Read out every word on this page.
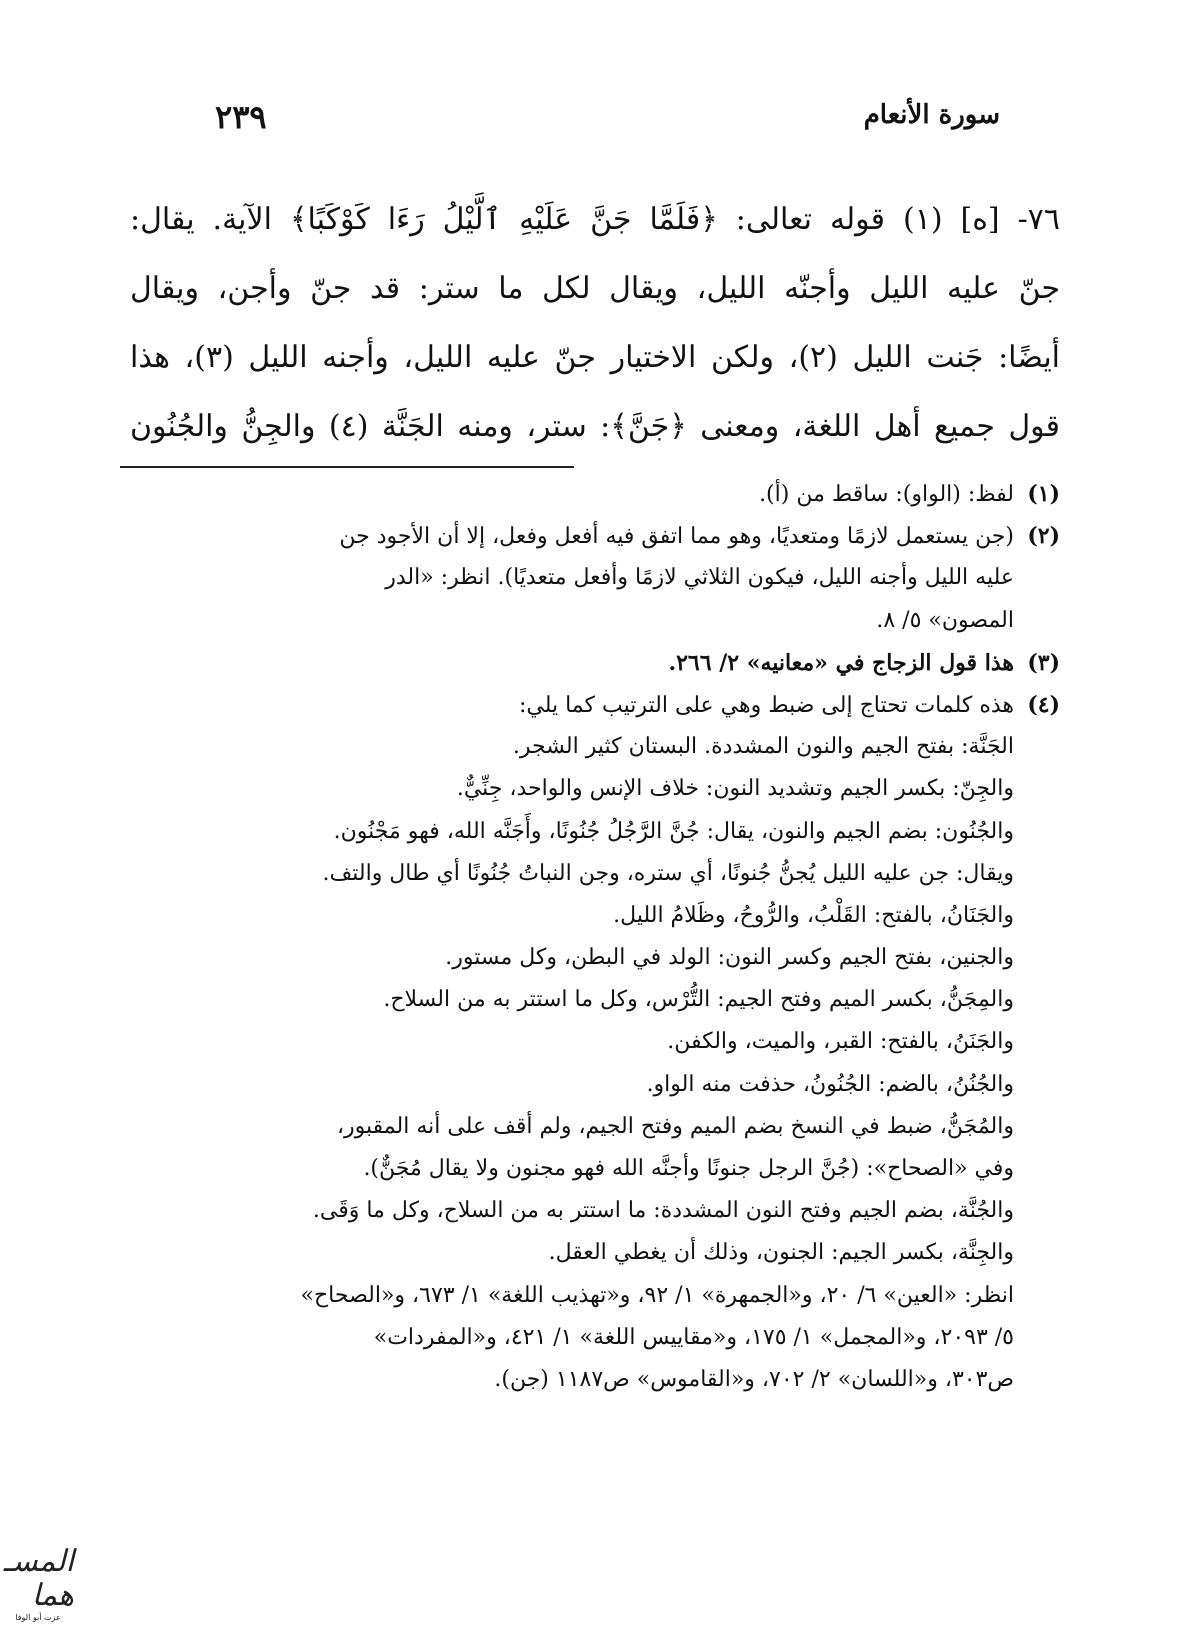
سورة الأنعام
٢٣٩
٧٦- [ه] (١) قوله تعالى: ﴿فَلَمَّا جَنَّ عَلَيْهِ ٱلَّيْلُ رَءَا كَوْكَبًا﴾ الآية. يقال:
جنّ عليه الليل وأجنّه الليل، ويقال لكل ما ستر: قد جنّ وأجن، ويقال
أيضًا: جَنت الليل (٢)، ولكن الاختيار جنّ عليه الليل، وأجنه الليل (٣)، هذا
قول جميع أهل اللغة، ومعنى ﴿جَنَّ﴾: ستر، ومنه الجَنَّة (٤) والجِنُّ والجُنُون
(١)لفظ: (الواو): ساقط من (أ).
(٢)(جن يستعمل لازمًا ومتعديًا، وهو مما اتفق فيه أفعل وفعل، إلا أن الأجود جن
عليه الليل وأجنه الليل، فيكون الثلاثي لازمًا وأفعل متعديًا). انظر: «الدر
المصون» ٥/ ٨.
(٣)هذا قول الزجاج في «معانيه» ٢/ ٢٦٦.
(٤)هذه كلمات تحتاج إلى ضبط وهي على الترتيب كما يلي:
الجَنَّة: بفتح الجيم والنون المشددة. البستان كثير الشجر.
والجِنّ: بكسر الجيم وتشديد النون: خلاف الإنس والواحد، جِنِّيٌّ.
والجُنُون: بضم الجيم والنون، يقال: جُنَّ الرَّجُلُ جُنُونًا، وأَجَنَّه الله، فهو مَجْنُون.
ويقال: جن عليه الليل يُجنُّ جُنونًا، أي ستره، وجن النباتُ جُنُونًا أي طال والتف.
والجَنَانُ، بالفتح: القَلْبُ، والرُّوحُ، وظَلامُ الليل.
والجنين، بفتح الجيم وكسر النون: الولد في البطن، وكل مستور.
والمِجَنُّ، بكسر الميم وفتح الجيم: التُّرْس، وكل ما استتر به من السلاح.
والجَنَنُ، بالفتح: القبر، والميت، والكفن.
والجُنُنُ، بالضم: الجُنُونُ، حذفت منه الواو.
والمُجَنُّ، ضبط في النسخ بضم الميم وفتح الجيم، ولم أقف على أنه المقبور،
وفي «الصحاح»: (جُنَّ الرجل جنونًا وأجنَّه الله فهو مجنون ولا يقال مُجَنٌّ).
والجُنَّة، بضم الجيم وفتح النون المشددة: ما استتر به من السلاح، وكل ما وَقَى.
والجِنَّة، بكسر الجيم: الجنون، وذلك أن يغطي العقل.
انظر: «العين» ٦/ ٢٠، و«الجمهرة» ١/ ٩٢، و«تهذيب اللغة» ١/ ٦٧٣، و«الصحاح»
٥/ ٢٠٩٣، و«المجمل» ١/ ١٧٥، و«مقاييس اللغة» ١/ ٤٢١، و«المفردات»
ص٣٠٣، و«اللسان» ٢/ ٧٠٢، و«القاموس» ص١١٨٧ (جن).
المسـ هما
عزت أبو الوفا
